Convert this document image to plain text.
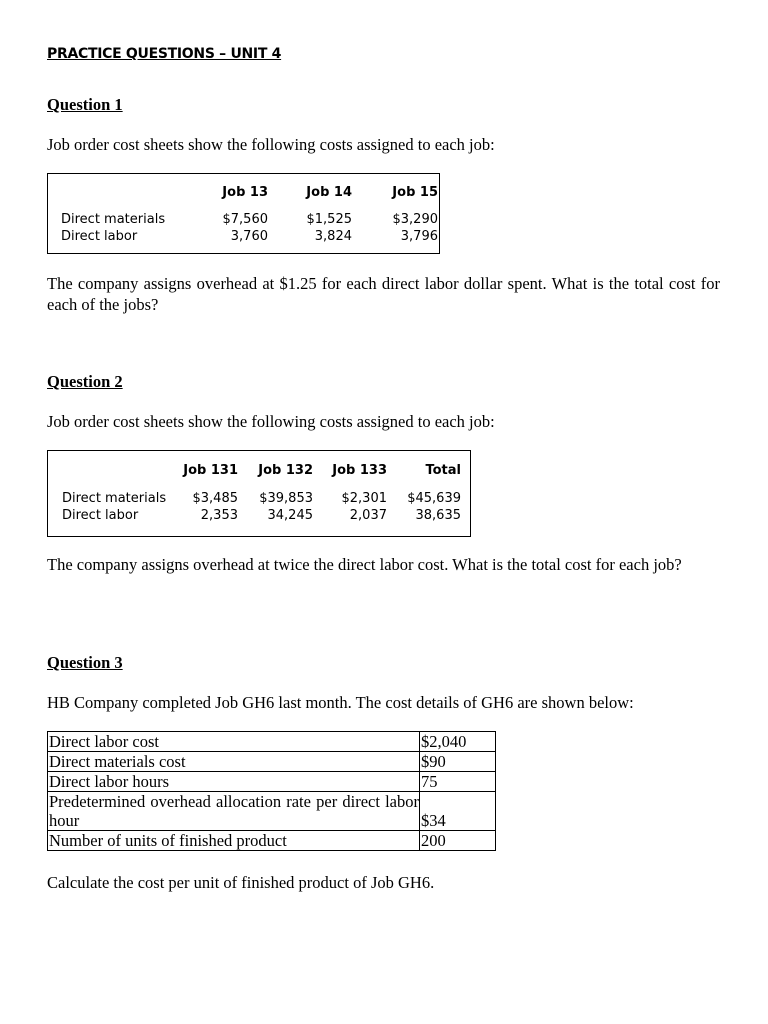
PRACTICE QUESTIONS – UNIT 4
Question 1

Job order cost sheets show the following costs assigned to each job:

	Job 13	Job 14	Job 15
Direct materials	$7,560	$1,525	$3,290
Direct labor	3,760	3,824	3,796

The company assigns overhead at $1.25 for each direct labor dollar spent. What is the total cost for each of the jobs?

Question 2

Job order cost sheets show the following costs assigned to each job:

	Job 131	Job 132	Job 133	Total
Direct materials	$3,485	$39,853	$2,301	$45,639
Direct labor	2,353	34,245	2,037	38,635

The company assigns overhead at twice the direct labor cost. What is the total cost for each job?

Question 3

HB Company completed Job GH6 last month. The cost details of GH6 are shown below:

Direct labor cost	$2,040
Direct materials cost	$90
Direct labor hours	75
Predetermined overhead allocation rate per direct labor hour	$34
Number of units of finished product	200

Calculate the cost per unit of finished product of Job GH6.
